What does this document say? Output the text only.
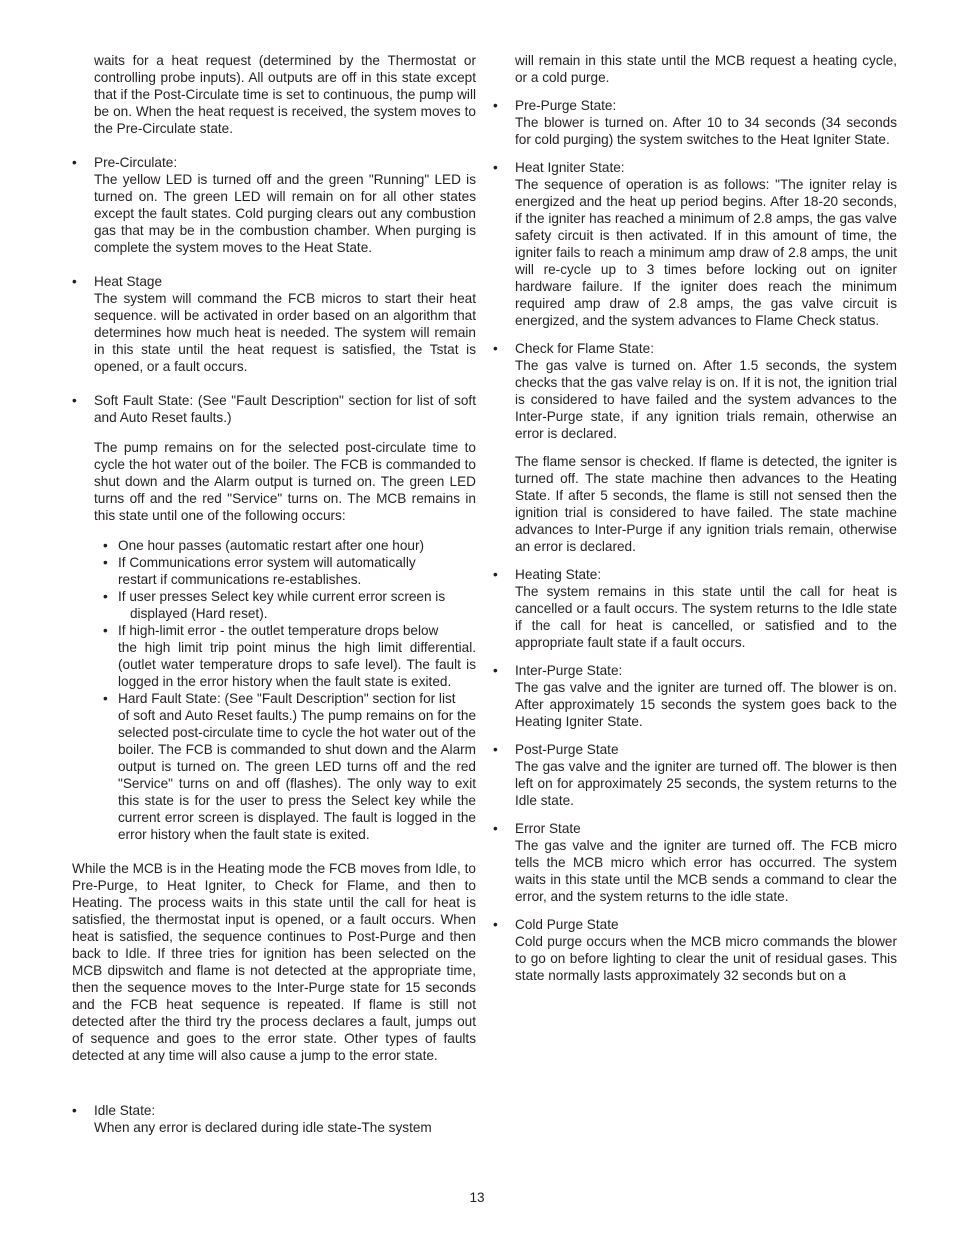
waits for a heat request (determined by the Thermostat or controlling probe inputs). All outputs are off in this state except that if the Post-Circulate time is set to continuous, the pump will be on. When the heat request is received, the system moves to the Pre-Circulate state.

• Pre-Circulate:

The yellow LED is turned off and the green "Running" LED is turned on. The green LED will remain on for all other states except the fault states. Cold purging clears out any combustion gas that may be in the combustion chamber. When purging is complete the system moves to the Heat State.

• Heat Stage

The system will command the FCB micros to start their heat sequence. will be activated in order based on an algorithm that determines how much heat is needed. The system will remain in this state until the heat request is satisfied, the Tstat is opened, or a fault occurs.

• Soft Fault State: (See "Fault Description" section for list of soft and Auto Reset faults.)

The pump remains on for the selected post-circulate time to cycle the hot water out of the boiler. The FCB is commanded to shut down and the Alarm output is turned on. The green LED turns off and the red "Service" turns on. The MCB remains in this state until one of the following occurs:

• One hour passes (automatic restart after one hour)

• If Communications error system will automatically

restart if communications re-establishes.

• If user presses Select key while current error screen is

displayed (Hard reset).

• If high-limit error - the outlet temperature drops below

the high limit trip point minus the high limit differential. (outlet water temperature drops to safe level). The fault is logged in the error history when the fault state is exited.

• Hard Fault State: (See "Fault Description" section for list

of soft and Auto Reset faults.) The pump remains on for the selected post-circulate time to cycle the hot water out of the boiler. The FCB is commanded to shut down and the Alarm output is turned on. The green LED turns off and the red "Service" turns on and off (flashes). The only way to exit this state is for the user to press the Select key while the current error screen is displayed. The fault is logged in the error history when the fault state is exited.

While the MCB is in the Heating mode the FCB moves from Idle, to Pre-Purge, to Heat Igniter, to Check for Flame, and then to Heating. The process waits in this state until the call for heat is satisfied, the thermostat input is opened, or a fault occurs. When heat is satisfied, the sequence continues to Post-Purge and then back to Idle. If three tries for ignition has been selected on the MCB dipswitch and flame is not detected at the appropriate time, then the sequence moves to the Inter-Purge state for 15 seconds and the FCB heat sequence is repeated. If flame is still not detected after the third try the process declares a fault, jumps out of sequence and goes to the error state. Other types of faults detected at any time will also cause a jump to the error state.

• Idle State:

When any error is declared during idle state-The system

will remain in this state until the MCB request a heating cycle, or a cold purge.

• Pre-Purge State:

The blower is turned on. After 10 to 34 seconds (34 seconds for cold purging) the system switches to the Heat Igniter State.

• Heat Igniter State:

The sequence of operation is as follows: "The igniter relay is energized and the heat up period begins. After 18-20 seconds, if the igniter has reached a minimum of 2.8 amps, the gas valve safety circuit is then activated. If in this amount of time, the igniter fails to reach a minimum amp draw of 2.8 amps, the unit will re-cycle up to 3 times before locking out on igniter hardware failure. If the igniter does reach the minimum required amp draw of 2.8 amps, the gas valve circuit is energized, and the system advances to Flame Check status.

• Check for Flame State:

The gas valve is turned on. After 1.5 seconds, the system checks that the gas valve relay is on. If it is not, the ignition trial is considered to have failed and the system advances to the Inter-Purge state, if any ignition trials remain, otherwise an error is declared.

The flame sensor is checked. If flame is detected, the igniter is turned off. The state machine then advances to the Heating State. If after 5 seconds, the flame is still not sensed then the ignition trial is considered to have failed. The state machine advances to Inter-Purge if any ignition trials remain, otherwise an error is declared.

• Heating State:

The system remains in this state until the call for heat is cancelled or a fault occurs. The system returns to the Idle state if the call for heat is cancelled, or satisfied and to the appropriate fault state if a fault occurs.

• Inter-Purge State:

The gas valve and the igniter are turned off. The blower is on. After approximately 15 seconds the system goes back to the Heating Igniter State.

• Post-Purge State

The gas valve and the igniter are turned off. The blower is then left on for approximately 25 seconds, the system returns to the Idle state.

• Error State

The gas valve and the igniter are turned off. The FCB micro tells the MCB micro which error has occurred. The system waits in this state until the MCB sends a command to clear the error, and the system returns to the idle state.

• Cold Purge State

Cold purge occurs when the MCB micro commands the blower to go on before lighting to clear the unit of residual gases. This state normally lasts approximately 32 seconds but on a

13
